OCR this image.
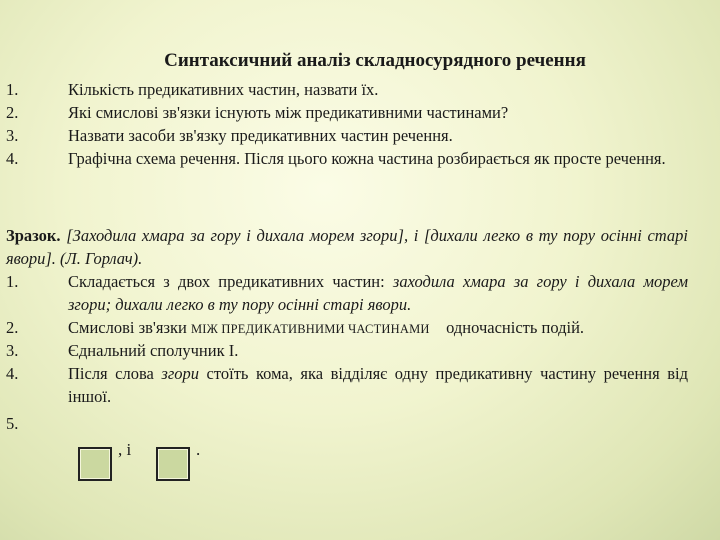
Синтаксичний аналіз складносурядного речення
1.	Кількість предикативних частин, назвати їх.
2.	Які смислові зв'язки існують між предикативними частинами?
3.	Назвати засоби зв'язку предикативних частин речення.
4.	Графічна схема речення. Після цього кожна частина розбирається як просте речення.
Зразок. [Заходила хмара за гору і дихала морем згори], і [дихали легко в ту пору осінні старі явори]. (Л. Горлач).
1.	Складається з двох предикативних частин: заходила хмара за гору і дихала морем згори; дихали легко в ту пору осінні старі явори.
2.	Смислові зв'язки МІЖ ПРЕДИКАТИВНИМИ ЧАСТИНАМИ одночасність подій.
3.	Єднальний сполучник І.
4.	Після слова згори стоїть кома, яка відділяє одну предикативну частину речення від іншої.
5.
, і	.
